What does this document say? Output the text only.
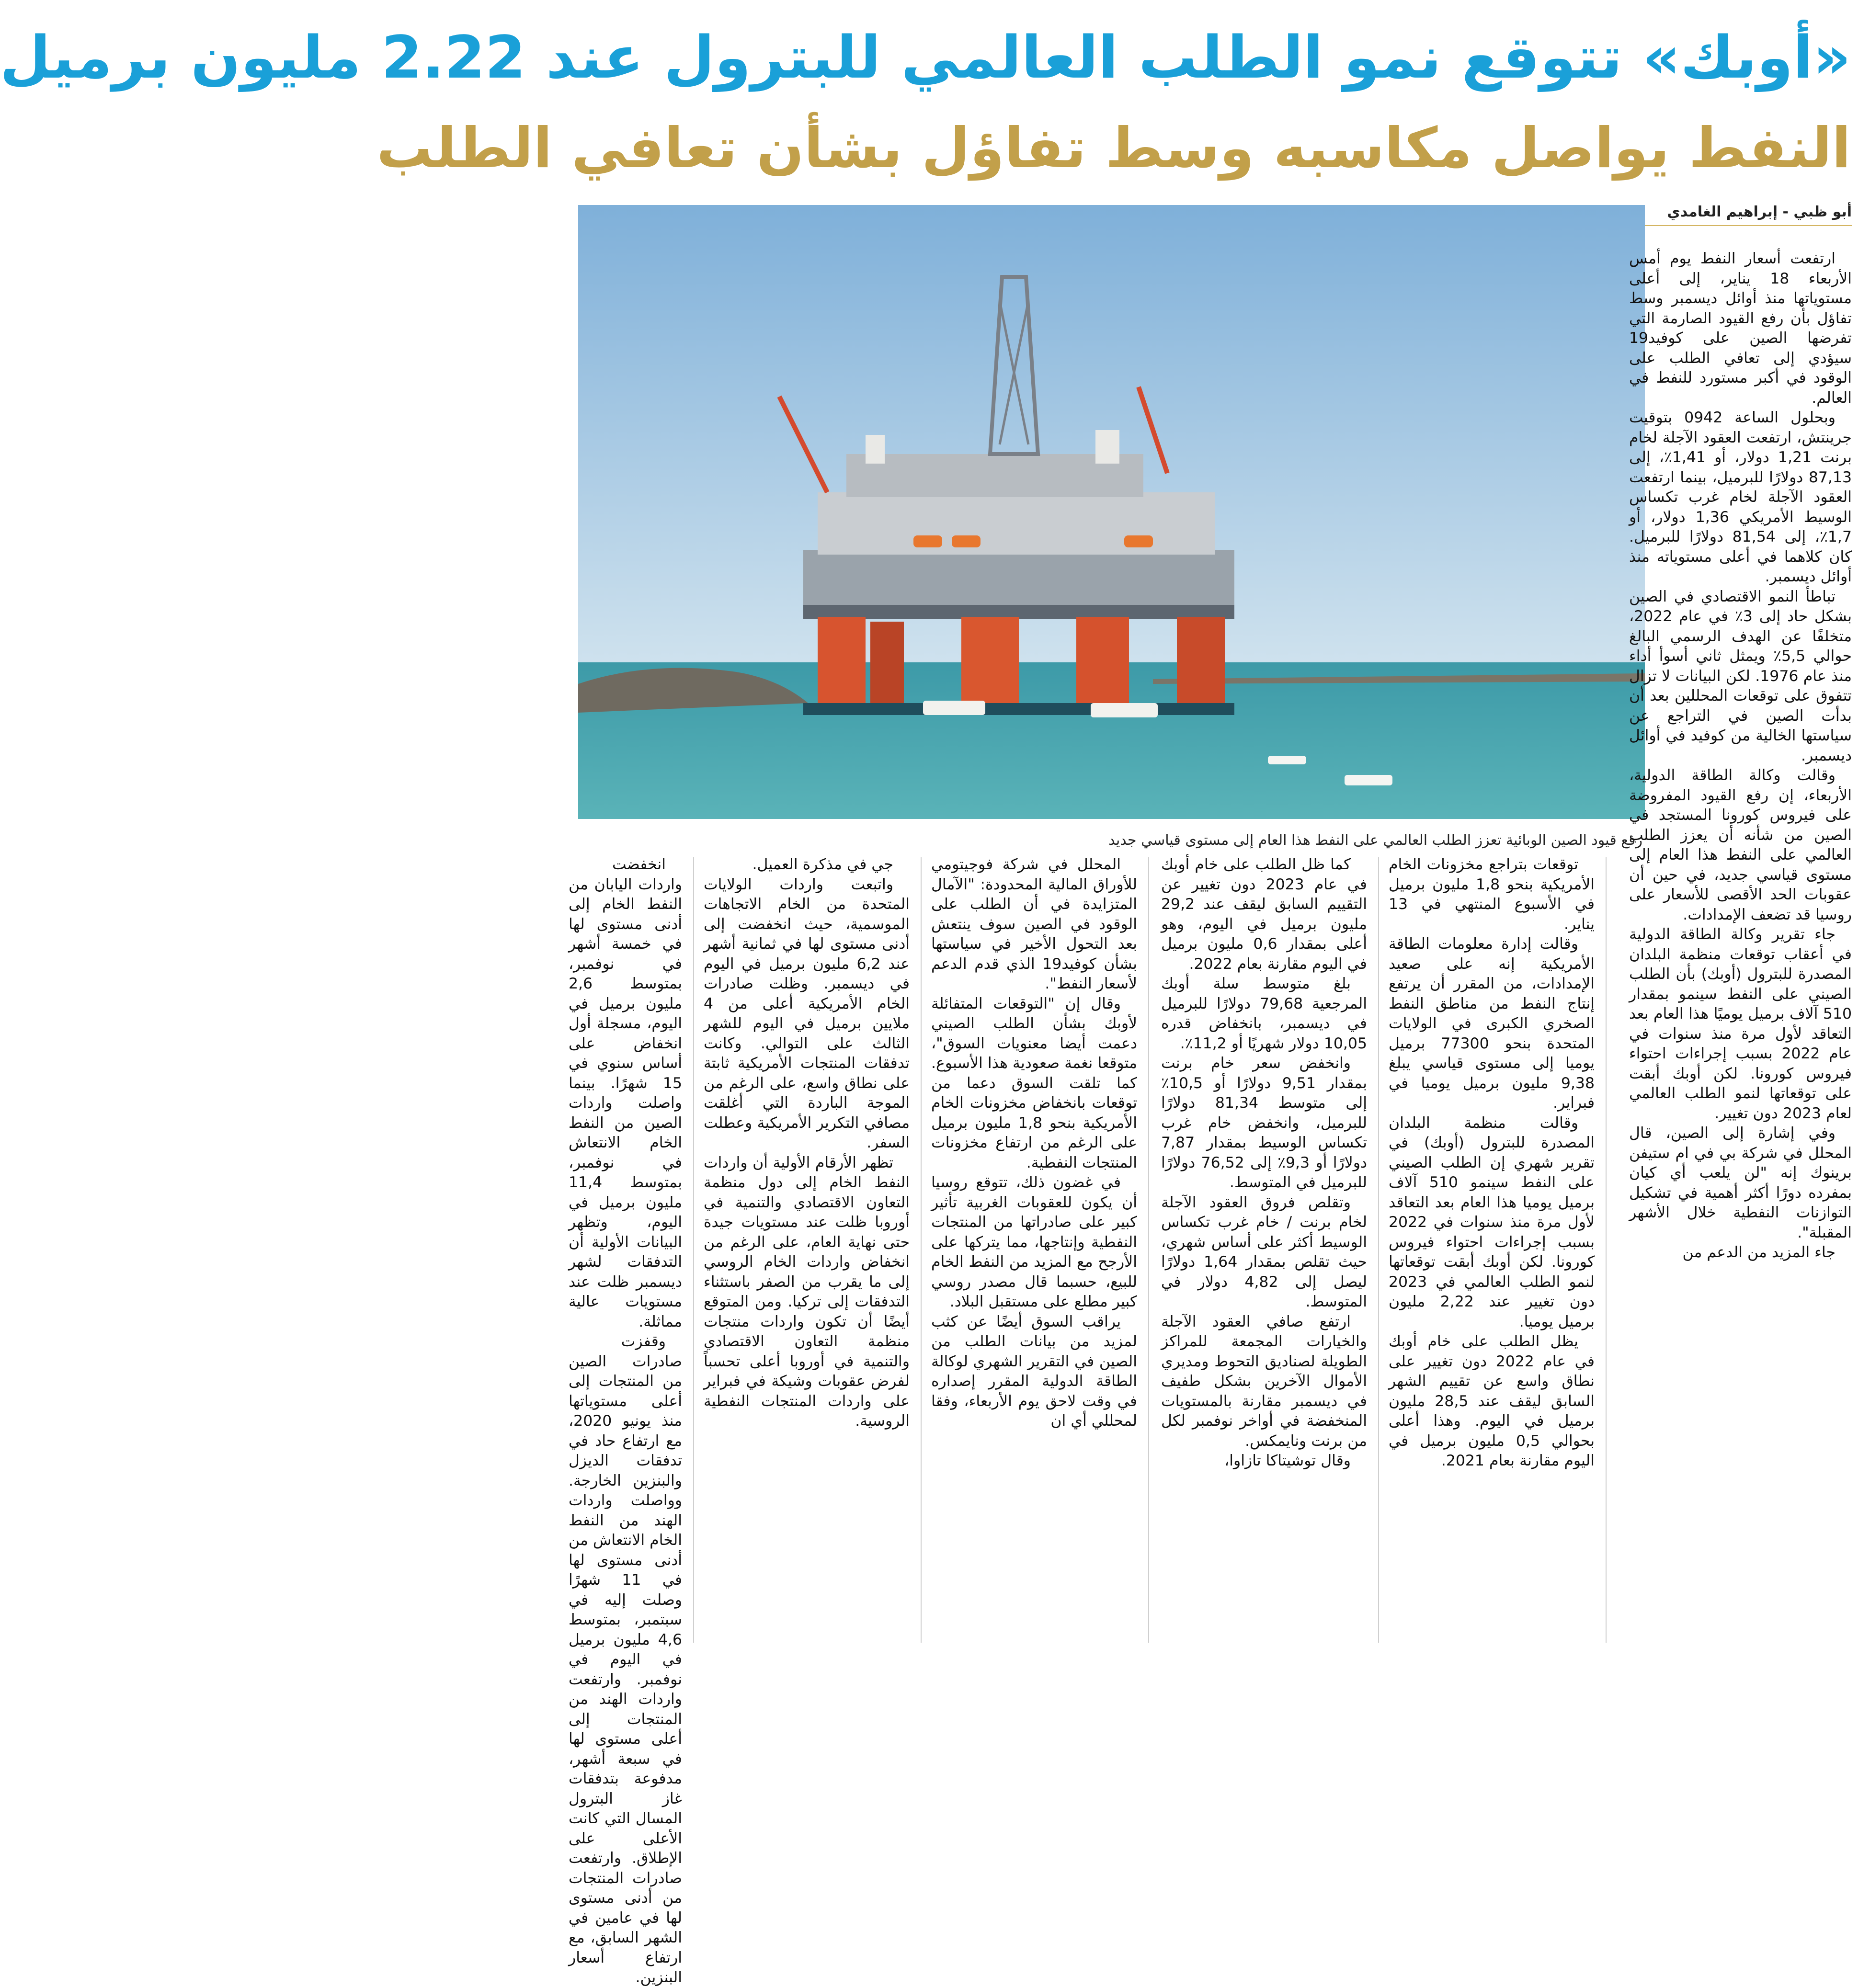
«أوبك» تتوقع نمو الطلب العالمي للبترول عند 2.22 مليون برميل
النفط يواصل مكاسبه وسط تفاؤل بشأن تعافي الطلب
أبو ظبي - إبراهيم الغامدي
رفع قيود الصين الوبائية تعزز الطلب العالمي على النفط هذا العام إلى مستوى قياسي جديد

ارتفعت أسعار النفط يوم أمس الأربعاء 18 يناير، إلى أعلى مستوياتها منذ أوائل ديسمبر وسط تفاؤل بأن رفع القيود الصارمة التي تفرضها الصين على كوفيد19 سيؤدي إلى تعافي الطلب على الوقود في أكبر مستورد للنفط في العالم.

وبحلول الساعة 0942 بتوقيت جرينتش، ارتفعت العقود الآجلة لخام برنت 1,21 دولار، أو 1,41٪، إلى 87,13 دولارًا للبرميل، بينما ارتفعت العقود الآجلة لخام غرب تكساس الوسيط الأمريكي 1,36 دولار، أو 1,7٪، إلى 81,54 دولارًا للبرميل. كان كلاهما في أعلى مستوياته منذ أوائل ديسمبر.

تباطأ النمو الاقتصادي في الصين بشكل حاد إلى 3٪ في عام 2022، متخلفًا عن الهدف الرسمي البالغ حوالي 5,5٪ ويمثل ثاني أسوأ أداء منذ عام 1976. لكن البيانات لا تزال تتفوق على توقعات المحللين بعد أن بدأت الصين في التراجع عن سياستها الخالية من كوفيد في أوائل ديسمبر.

وقالت وكالة الطاقة الدولية، الأربعاء، إن رفع القيود المفروضة على فيروس كورونا المستجد في الصين من شأنه أن يعزز الطلب العالمي على النفط هذا العام إلى مستوى قياسي جديد، في حين أن عقوبات الحد الأقصى للأسعار على روسيا قد تضعف الإمدادات.

جاء تقرير وكالة الطاقة الدولية في أعقاب توقعات منظمة البلدان المصدرة للبترول (أوبك) بأن الطلب الصيني على النفط سينمو بمقدار 510 آلاف برميل يوميًا هذا العام بعد التعاقد لأول مرة منذ سنوات في عام 2022 بسبب إجراءات احتواء فيروس كورونا. لكن أوبك أبقت على توقعاتها لنمو الطلب العالمي لعام 2023 دون تغيير.

وفي إشارة إلى الصين، قال المحلل في شركة بي في ام ستيفن برينوك إنه "لن يلعب أي كيان بمفرده دورًا أكثر أهمية في تشكيل التوازنات النفطية خلال الأشهر المقبلة".

جاء المزيد من الدعم من

توقعات بتراجع مخزونات الخام الأمريكية بنحو 1,8 مليون برميل في الأسبوع المنتهي في 13 يناير.

وقالت إدارة معلومات الطاقة الأمريكية إنه على صعيد الإمدادات، من المقرر أن يرتفع إنتاج النفط من مناطق النفط الصخري الكبرى في الولايات المتحدة بنحو 77300 برميل يوميا إلى مستوى قياسي يبلغ 9,38 مليون برميل يوميا في فبراير.

وقالت منظمة البلدان المصدرة للبترول (أوبك) في تقرير شهري إن الطلب الصيني على النفط سينمو 510 آلاف برميل يوميا هذا العام بعد التعاقد لأول مرة منذ سنوات في 2022 بسبب إجراءات احتواء فيروس كورونا. لكن أوبك أبقت توقعاتها لنمو الطلب العالمي في 2023 دون تغيير عند 2,22 مليون برميل يوميا.

يظل الطلب على خام أوبك في عام 2022 دون تغيير على نطاق واسع عن تقييم الشهر السابق ليقف عند 28,5 مليون برميل في اليوم. وهذا أعلى بحوالي 0,5 مليون برميل في اليوم مقارنة بعام 2021.

كما ظل الطلب على خام أوبك في عام 2023 دون تغيير عن التقييم السابق ليقف عند 29,2 مليون برميل في اليوم، وهو أعلى بمقدار 0,6 مليون برميل في اليوم مقارنة بعام 2022.

بلغ متوسط سلة أوبك المرجعية 79,68 دولارًا للبرميل في ديسمبر، بانخفاض قدره 10,05 دولار شهريًا أو 11,2٪.

وانخفض سعر خام برنت بمقدار 9,51 دولارًا أو 10,5٪ إلى متوسط 81,34 دولارًا للبرميل، وانخفض خام غرب تكساس الوسيط بمقدار 7,87 دولارًا أو 9,3٪ إلى 76,52 دولارًا للبرميل في المتوسط.

وتقلص فروق العقود الآجلة لخام برنت / خام غرب تكساس الوسيط أكثر على أساس شهري، حيث تقلص بمقدار 1,64 دولارًا ليصل إلى 4,82 دولار في المتوسط.

ارتفع صافي العقود الآجلة والخيارات المجمعة للمراكز الطويلة لصناديق التحوط ومديري الأموال الآخرين بشكل طفيف في ديسمبر مقارنة بالمستويات المنخفضة في أواخر نوفمبر لكل من برنت ونايمكس.

وقال توشيتاكا تازاوا،

المحلل في شركة فوجيتومي للأوراق المالية المحدودة: "الآمال المتزايدة في أن الطلب على الوقود في الصين سوف ينتعش بعد التحول الأخير في سياستها بشأن كوفيد19 الذي قدم الدعم لأسعار النفط".

وقال إن "التوقعات المتفائلة لأوبك بشأن الطلب الصيني دعمت أيضا معنويات السوق"، متوقعا نغمة صعودية هذا الأسبوع. كما تلقت السوق دعما من توقعات بانخفاض مخزونات الخام الأمريكية بنحو 1,8 مليون برميل على الرغم من ارتفاع مخزونات المنتجات النفطية.

في غضون ذلك، تتوقع روسيا أن يكون للعقوبات الغربية تأثير كبير على صادراتها من المنتجات النفطية وإنتاجها، مما يتركها على الأرجح مع المزيد من النفط الخام للبيع، حسبما قال مصدر روسي كبير مطلع على مستقبل البلاد.

يراقب السوق أيضًا عن كثب لمزيد من بيانات الطلب من الصين في التقرير الشهري لوكالة الطاقة الدولية المقرر إصداره في وقت لاحق يوم الأربعاء، وفقا لمحللي أي ان

جي في مذكرة العميل.

واتبعت واردات الولايات المتحدة من الخام الاتجاهات الموسمية، حيث انخفضت إلى أدنى مستوى لها في ثمانية أشهر عند 6,2 مليون برميل في اليوم في ديسمبر. وظلت صادرات الخام الأمريكية أعلى من 4 ملايين برميل في اليوم للشهر الثالث على التوالي. وكانت تدفقات المنتجات الأمريكية ثابتة على نطاق واسع، على الرغم من الموجة الباردة التي أغلقت مصافي التكرير الأمريكية وعطلت السفر.

تظهر الأرقام الأولية أن واردات النفط الخام إلى دول منظمة التعاون الاقتصادي والتنمية في أوروبا ظلت عند مستويات جيدة حتى نهاية العام، على الرغم من انخفاض واردات الخام الروسي إلى ما يقرب من الصفر باستثناء التدفقات إلى تركيا. ومن المتوقع أيضًا أن تكون واردات منتجات منظمة التعاون الاقتصادي والتنمية في أوروبا أعلى تحسباً لفرض عقوبات وشيكة في فبراير على واردات المنتجات النفطية الروسية.

انخفضت واردات اليابان من النفط الخام إلى أدنى مستوى لها في خمسة أشهر في نوفمبر، بمتوسط 2,6 مليون برميل في اليوم، مسجلة أول انخفاض على أساس سنوي في 15 شهرًا. بينما واصلت واردات الصين من النفط الخام الانتعاش في نوفمبر، بمتوسط 11,4 مليون برميل في اليوم، وتظهر البيانات الأولية أن التدفقات لشهر ديسمبر ظلت عند مستويات عالية مماثلة.

وقفزت صادرات الصين من المنتجات إلى أعلى مستوياتها منذ يونيو 2020، مع ارتفاع حاد في تدفقات الديزل والبنزين الخارجة. وواصلت واردات الهند من النفط الخام الانتعاش من أدنى مستوى لها في 11 شهرًا وصلت إليه في سبتمبر، بمتوسط 4,6 مليون برميل في اليوم في نوفمبر. وارتفعت واردات الهند من المنتجات إلى أعلى مستوى لها في سبعة أشهر، مدفوعة بتدفقات غاز البترول المسال التي كانت الأعلى على الإطلاق. وارتفعت صادرات المنتجات من أدنى مستوى لها في عامين في الشهر السابق، مع ارتفاع أسعار البنزين.
